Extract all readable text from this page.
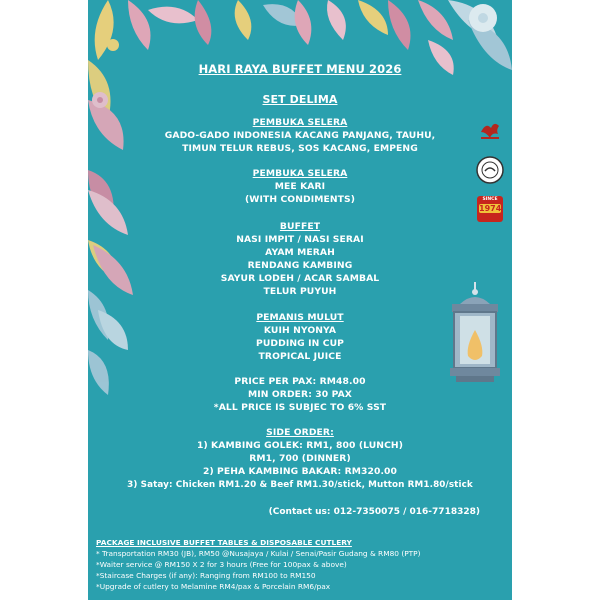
SINCE
1974
HARI RAYA BUFFET MENU 2026
SET DELIMA
PEMBUKA SELERA
GADO-GADO INDONESIA KACANG PANJANG, TAUHU,
TIMUN TELUR REBUS, SOS KACANG, EMPENG
PEMBUKA SELERA
MEE KARI
(WITH CONDIMENTS)
BUFFET
NASI IMPIT / NASI SERAI
AYAM MERAH
RENDANG KAMBING
SAYUR LODEH / ACAR SAMBAL
TELUR PUYUH
PEMANIS MULUT
KUIH NYONYA
PUDDING IN CUP
TROPICAL JUICE
PRICE PER PAX: RM48.00
MIN ORDER: 30 PAX
*ALL PRICE IS SUBJEC TO 6% SST
SIDE ORDER:
1) KAMBING GOLEK: RM1, 800 (LUNCH)
RM1, 700 (DINNER)
2) PEHA KAMBING BAKAR: RM320.00
3) Satay: Chicken RM1.20 & Beef RM1.30/stick, Mutton RM1.80/stick
(Contact us: 012-7350075 / 016-7718328)
PACKAGE INCLUSIVE BUFFET TABLES & DISPOSABLE CUTLERY
* Transportation RM30 (JB), RM50 @Nusajaya / Kulai / Senai/Pasir Gudang & RM80 (PTP)
*Waiter service @ RM150 X 2 for 3 hours (Free for 100pax & above)
*Staircase Charges (if any): Ranging from RM100 to RM150
*Upgrade of cutlery to Melamine RM4/pax & Porcelain RM6/pax
